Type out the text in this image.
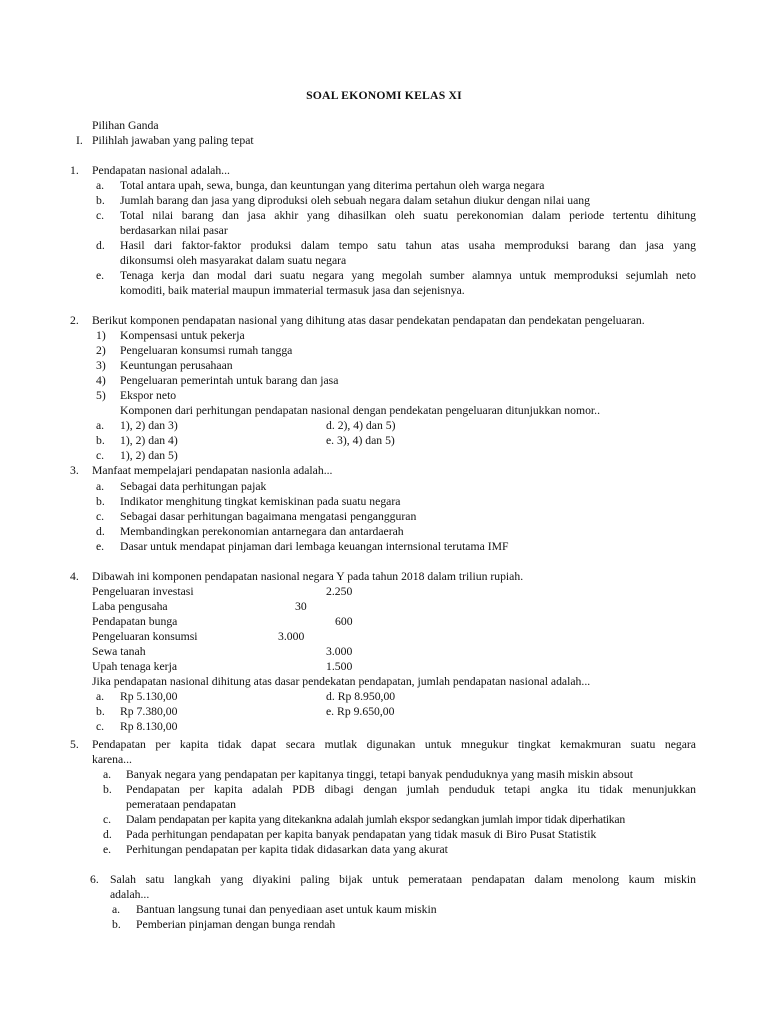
SOAL EKONOMI KELAS XI
Pilihan Ganda
I. Pilihlah jawaban yang paling tepat
1. Pendapatan nasional adalah...
a. Total antara upah, sewa, bunga, dan keuntungan yang diterima pertahun oleh warga negara
b. Jumlah barang dan jasa yang diproduksi oleh sebuah negara dalam setahun diukur dengan nilai uang
c. Total nilai barang dan jasa akhir yang dihasilkan oleh suatu perekonomian dalam periode tertentu dihitung
berdasarkan nilai pasar
d. Hasil dari faktor-faktor produksi dalam tempo satu tahun atas usaha memproduksi barang dan jasa yang
dikonsumsi oleh masyarakat dalam suatu negara
e. Tenaga kerja dan modal dari suatu negara yang megolah sumber alamnya untuk memproduksi sejumlah neto
komoditi, baik material maupun immaterial termasuk jasa dan sejenisnya.
2. Berikut komponen pendapatan nasional yang dihitung atas dasar pendekatan pendapatan dan pendekatan pengeluaran.
1) Kompensasi untuk pekerja
2) Pengeluaran konsumsi rumah tangga
3) Keuntungan perusahaan
4) Pengeluaran pemerintah untuk barang dan jasa
5) Ekspor neto
Komponen dari perhitungan pendapatan nasional dengan pendekatan pengeluaran ditunjukkan nomor..
a. 1), 2) dan 3)	d. 2), 4) dan 5)
b. 1), 2) dan 4)	e. 3), 4) dan 5)
c. 1), 2) dan 5)
3. Manfaat mempelajari pendapatan nasionla adalah...
a. Sebagai data perhitungan pajak
b. Indikator menghitung tingkat kemiskinan pada suatu negara
c. Sebagai dasar perhitungan bagaimana mengatasi pengangguran
d. Membandingkan perekonomian antarnegara dan antardaerah
e. Dasar untuk mendapat pinjaman dari lembaga keuangan internsional terutama IMF
4. Dibawah ini komponen pendapatan nasional negara Y pada tahun 2018 dalam triliun rupiah.
Pengeluaran investasi	2.250
Laba pengusaha	30
Pendapatan bunga	600
Pengeluaran konsumsi	3.000
Sewa tanah	3.000
Upah tenaga kerja	1.500
Jika pendapatan nasional dihitung atas dasar pendekatan pendapatan, jumlah pendapatan nasional adalah...
a. Rp 5.130,00	d. Rp 8.950,00
b. Rp 7.380,00	e. Rp 9.650,00
c. Rp 8.130,00
5. Pendapatan per kapita tidak dapat secara mutlak digunakan untuk mnegukur tingkat kemakmuran suatu negara
karena...
a. Banyak negara yang pendapatan per kapitanya tinggi, tetapi banyak penduduknya yang masih miskin absout
b. Pendapatan per kapita adalah PDB dibagi dengan jumlah penduduk tetapi angka itu tidak menunjukkan
pemerataan pendapatan
c. Dalam pendapatan per kapita yang ditekankna adalah jumlah ekspor sedangkan jumlah impor tidak diperhatikan
d. Pada perhitungan pendapatan per kapita banyak pendapatan yang tidak masuk di Biro Pusat Statistik
e. Perhitungan pendapatan per kapita tidak didasarkan data yang akurat
6. Salah satu langkah yang diyakini paling bijak untuk pemerataan pendapatan dalam menolong kaum miskin
adalah...
a. Bantuan langsung tunai dan penyediaan aset untuk kaum miskin
b. Pemberian pinjaman dengan bunga rendah
